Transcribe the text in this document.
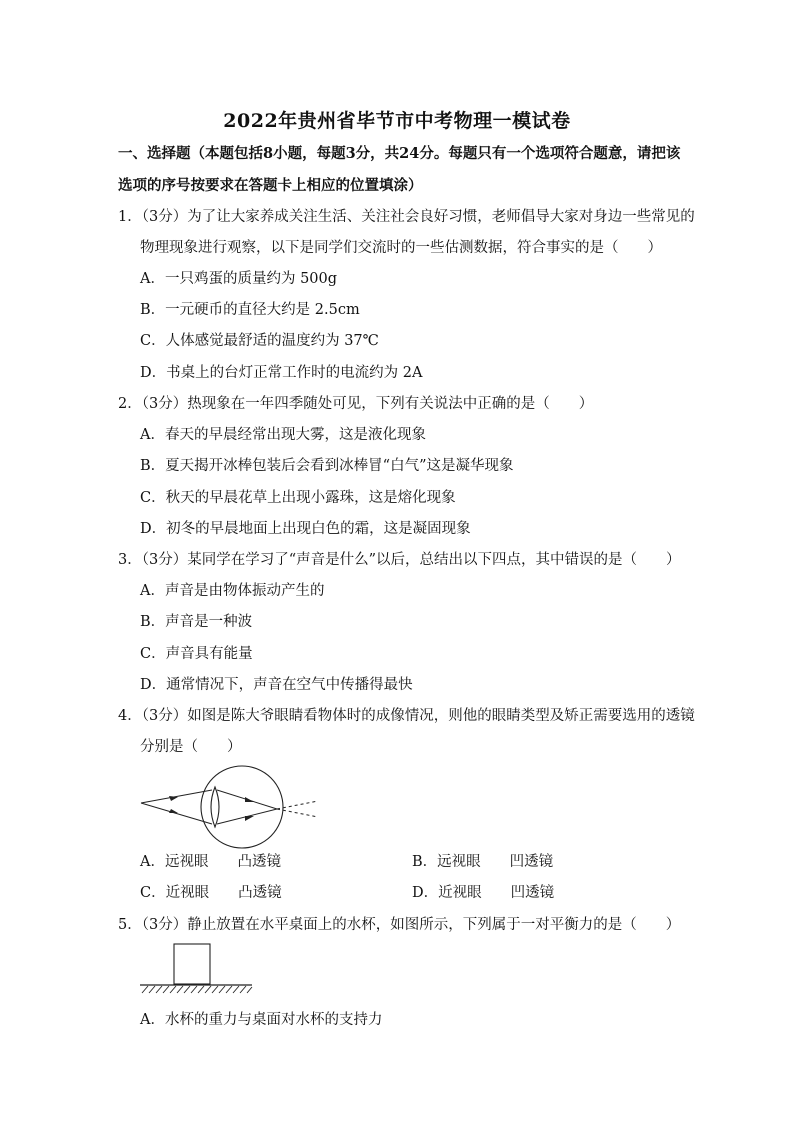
2022年贵州省毕节市中考物理一模试卷
一、选择题（本题包括8小题，每题3分，共24分。每题只有一个选项符合题意，请把该
选项的序号按要求在答题卡上相应的位置填涂）
1．（3分）为了让大家养成关注生活、关注社会良好习惯，老师倡导大家对身边一些常见的
物理现象进行观察，以下是同学们交流时的一些估测数据，符合事实的是（　　）
A．一只鸡蛋的质量约为 500g
B．一元硬币的直径大约是 2.5cm
C．人体感觉最舒适的温度约为 37℃
D．书桌上的台灯正常工作时的电流约为 2A
2．（3分）热现象在一年四季随处可见，下列有关说法中正确的是（　　）
A．春天的早晨经常出现大雾，这是液化现象
B．夏天揭开冰棒包装后会看到冰棒冒“白气”这是凝华现象
C．秋天的早晨花草上出现小露珠，这是熔化现象
D．初冬的早晨地面上出现白色的霜，这是凝固现象
3．（3分）某同学在学习了“声音是什么”以后，总结出以下四点，其中错误的是（　　）
A．声音是由物体振动产生的
B．声音是一种波
C．声音具有能量
D．通常情况下，声音在空气中传播得最快
4．（3分）如图是陈大爷眼睛看物体时的成像情况，则他的眼睛类型及矫正需要选用的透镜
分别是（　　）
A．远视眼　　凸透镜	B．远视眼　　凹透镜
C．近视眼　　凸透镜	D．近视眼　　凹透镜
5．（3分）静止放置在水平桌面上的水杯，如图所示，下列属于一对平衡力的是（　　）
A．水杯的重力与桌面对水杯的支持力
